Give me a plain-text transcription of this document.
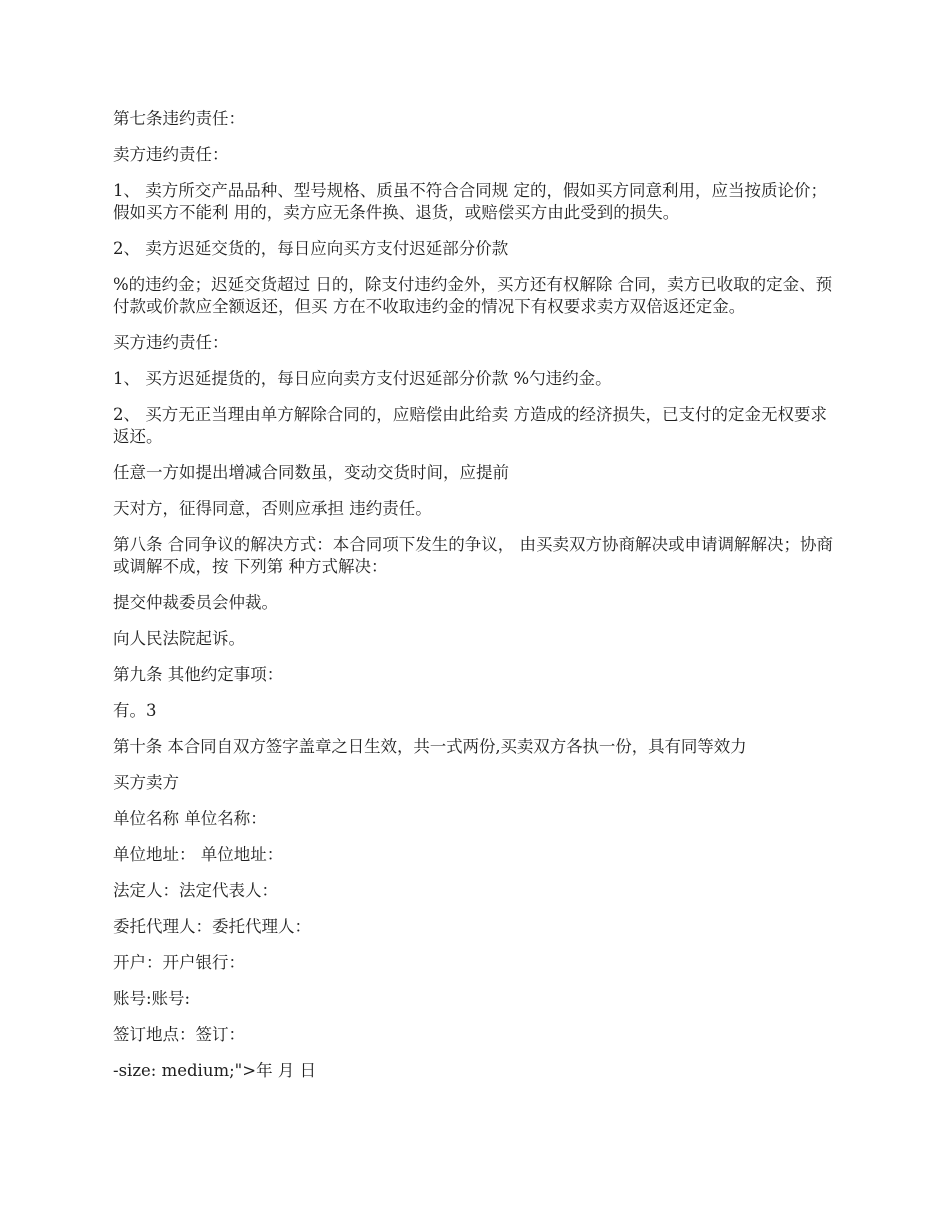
第七条违约责任：

卖方违约责任：

1、 卖方所交产品品种、型号规格、质虽不符合合同规 定的，假如买方同意利用，应当按质论价；假如买方不能利 用的，卖方应无条件换、退货，或赔偿买方由此受到的损失。

2、 卖方迟延交货的，每日应向买方支付迟延部分价款

%的违约金；迟延交货超过 日的，除支付违约金外，买方还有权解除 合同，卖方已收取的定金、预付款或价款应全额返还，但买 方在不收取违约金的情况下有权要求卖方双倍返还定金。

买方违约责任：

1、 买方迟延提货的，每日应向卖方支付迟延部分价款 %勺违约金。

2、 买方无正当理由单方解除合同的，应赔偿由此给卖 方造成的经济损失，已支付的定金无权要求返还。

任意一方如提出增减合同数虽，变动交货时间，应提前

天对方，征得同意，否则应承担 违约责任。

第八条 合同争议的解决方式：本合同项下发生的争议， 由买卖双方协商解决或申请调解解决；协商或调解不成，按 下列第 种方式解决：

提交仲裁委员会仲裁。

向人民法院起诉。

第九条 其他约定事项：

有。3

第十条 本合同自双方签字盖章之日生效，共一式两份,买卖双方各执一份，具有同等效力

买方卖方

单位名称 单位名称：

单位地址： 单位地址：

法定人：法定代表人：

委托代理人：委托代理人：

开户：开户银行：

账号:账号:

签订地点：签订：

-size: medium;">年 月 日
